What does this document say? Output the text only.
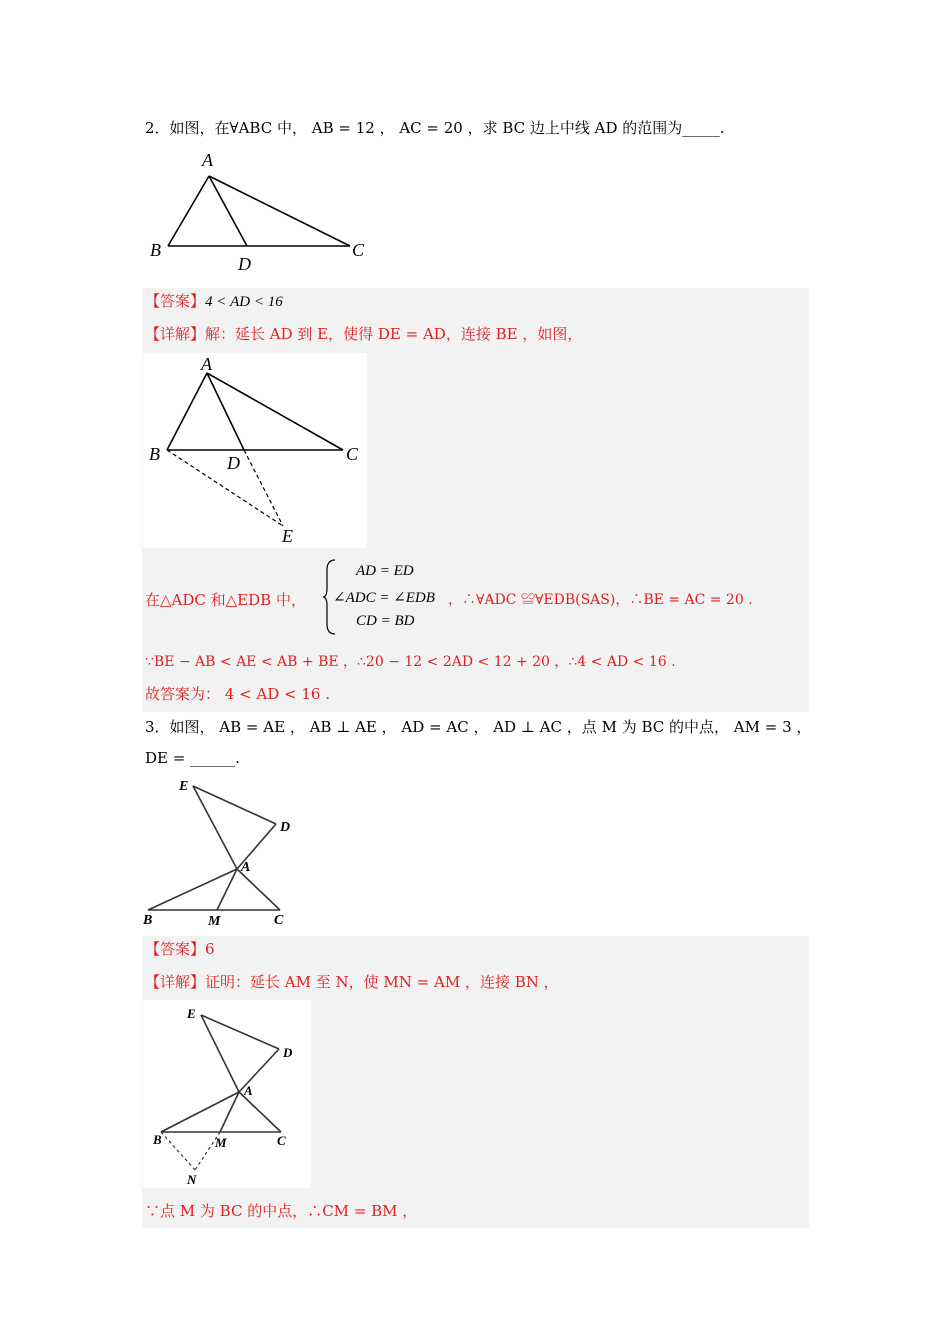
2．如图，在∀ABC 中， AB = 12 ， AC = 20 ，求 BC 边上中线 AD 的范围为_____.
A
B	C
D
【答案】4 < AD < 16
【详解】解：延长 AD 到 E，使得 DE = AD，连接 BE ，如图，
A
B	C
D
E
在△ADC 和△EDB 中，
AD = ED
∠ADC = ∠EDB
CD = BD
，∴∀ADC ≌∀EDB(SAS)，∴BE = AC = 20 .
∵BE − AB < AE < AB + BE ，∴20 − 12 < 2AD < 12 + 20 ，∴4 < AD < 16 .
故答案为： 4 < AD < 16 .
3．如图， AB = AE ， AB ⊥ AE ， AD = AC ， AD ⊥ AC ，点 M 为 BC 的中点， AM = 3 ，
DE = ______.
E
D
A
B	M	C
【答案】6
【详解】证明：延长 AM 至 N，使 MN = AM ，连接 BN ，
E
D
A
B	M	C
N
∵点 M 为 BC 的中点，∴CM = BM ，
